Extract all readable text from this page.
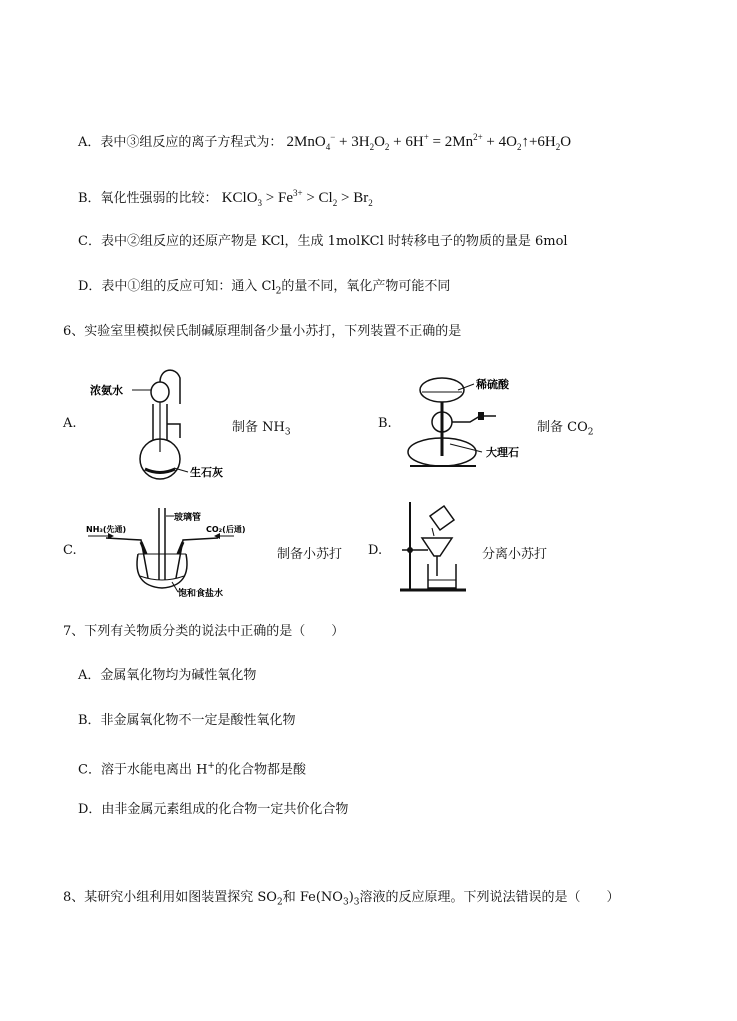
A．表中③组反应的离子方程式为： $2MnO_4^- + 3H_2O_2 + 6H^+ = 2Mn^{2+}$ + $4O_2↑+6H_2O$
B．氧化性强弱的比较： KClO$_3$ > $Fe^{3+} > Cl_2 > Br_2$
C．表中②组反应的还原产物是 KCl，生成 1molKCl 时转移电子的物质的量是 6mol
D．表中①组的反应可知：通入 $Cl_2$的量不同，氧化产物可能不同
6、实验室里模拟侯氏制碱原理制备少量小苏打，下列装置不正确的是
A.
浓氨水
生石灰
制备 $NH_3$
B.
稀硫酸
大理石
制备 $CO_2$
C.
玻璃管
NH₃(先通)	CO₂(后通)
饱和食盐水
制备小苏打 D.	分离小苏打
7、下列有关物质分类的说法中正确的是（　　）
A．金属氧化物均为碱性氧化物
B．非金属氧化物不一定是酸性氧化物
C．溶于水能电离出 H+的化合物都是酸
D．由非金属元素组成的化合物一定共价化合物
8、某研究小组利用如图装置探究 $SO_2$和 $Fe(NO_3)_3$溶液的反应原理。下列说法错误的是（　　）
